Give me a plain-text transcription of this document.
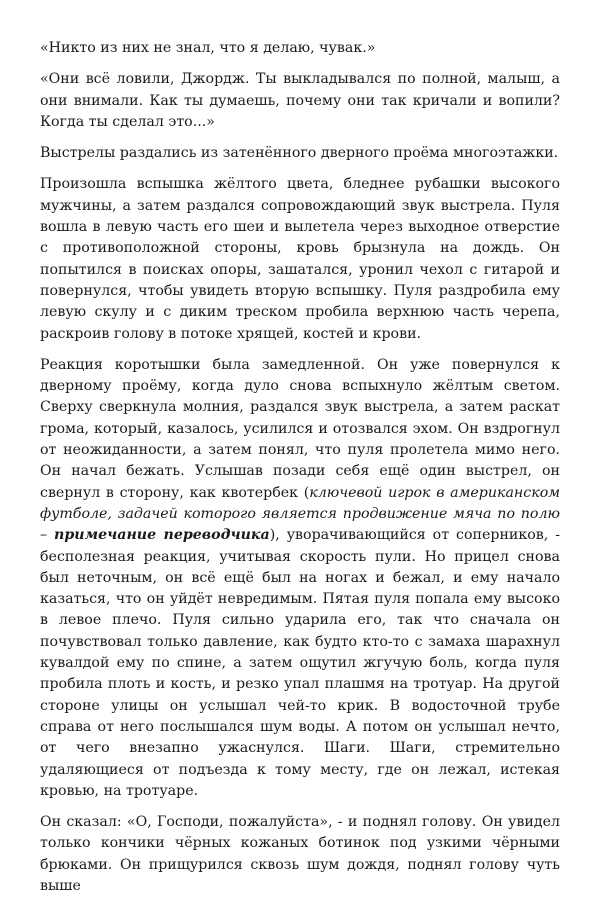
«Никто из них не знал, что я делаю, чувак.»

«Они всё ловили, Джордж. Ты выкладывался по полной, малыш, а они внимали. Как ты думаешь, почему они так кричали и вопили? Когда ты сделал это...»

Выстрелы раздались из затенённого дверного проёма многоэтажки.

Произошла вспышка жёлтого цвета, бледнее рубашки высокого мужчины, а затем раздался сопровождающий звук выстрела. Пуля вошла в левую часть его шеи и вылетела через выходное отверстие с противоположной стороны, кровь брызнула на дождь. Он попытился в поисках опоры, зашатался, уронил чехол с гитарой и повернулся, чтобы увидеть вторую вспышку. Пуля раздробила ему левую скулу и с диким треском пробила верхнюю часть черепа, раскроив голову в потоке хрящей, костей и крови.

Реакция коротышки была замедленной. Он уже повернулся к дверному проёму, когда дуло снова вспыхнуло жёлтым светом. Сверху сверкнула молния, раздался звук выстрела, а затем раскат грома, который, казалось, усилился и отозвался эхом. Он вздрогнул от неожиданности, а затем понял, что пуля пролетела мимо него. Он начал бежать. Услышав позади себя ещё один выстрел, он свернул в сторону, как квотербек (ключевой игрок в американском футболе, задачей которого является продвижение мяча по полю – примечание переводчика), уворачивающийся от соперников, - бесполезная реакция, учитывая скорость пули. Но прицел снова был неточным, он всё ещё был на ногах и бежал, и ему начало казаться, что он уйдёт невредимым. Пятая пуля попала ему высоко в левое плечо. Пуля сильно ударила его, так что сначала он почувствовал только давление, как будто кто-то с замаха шарахнул кувалдой ему по спине, а затем ощутил жгучую боль, когда пуля пробила плоть и кость, и резко упал плашмя на тротуар. На другой стороне улицы он услышал чей-то крик. В водосточной трубе справа от него послышался шум воды. А потом он услышал нечто, от чего внезапно ужаснулся. Шаги. Шаги, стремительно удаляющиеся от подъезда к тому месту, где он лежал, истекая кровью, на тротуаре.

Он сказал: «О, Господи, пожалуйста», - и поднял голову. Он увидел только кончики чёрных кожаных ботинок под узкими чёрными брюками. Он прищурился сквозь шум дождя, поднял голову чуть выше
